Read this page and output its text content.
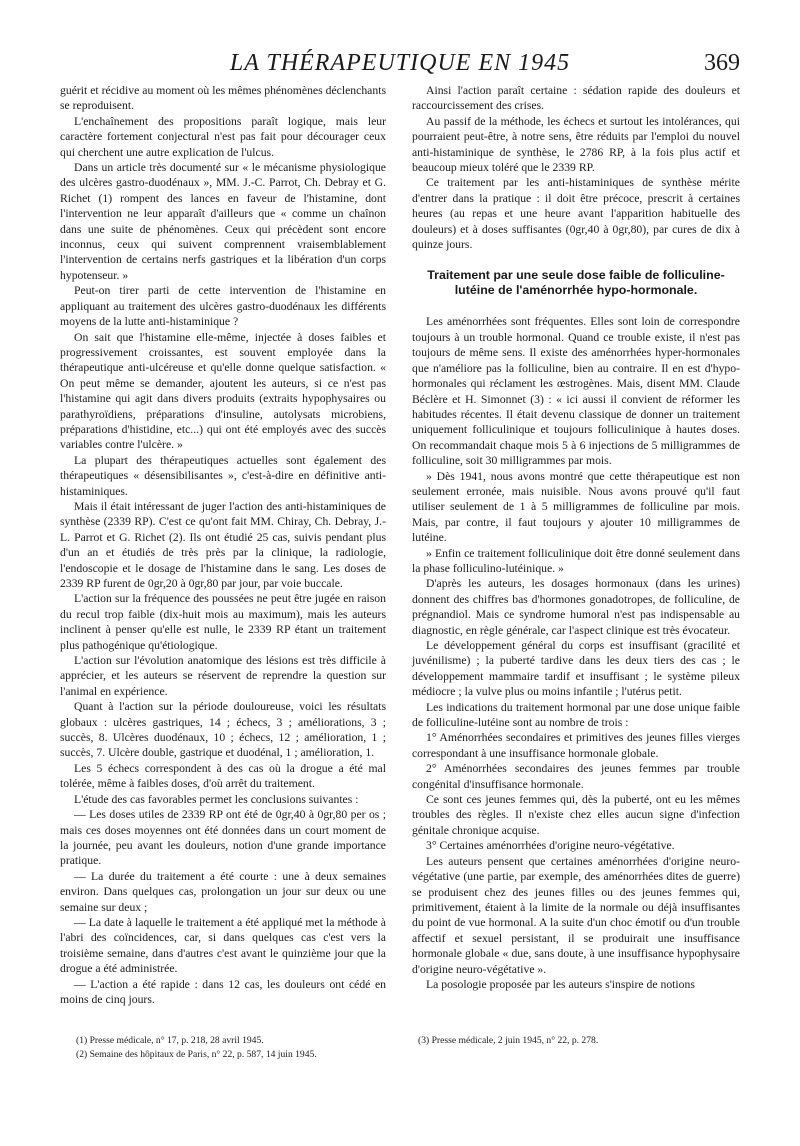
LA THÉRAPEUTIQUE EN 1945	369

guérit et récidive au moment où les mêmes phénomènes déclenchants se reproduisent.

L'enchaînement des propositions paraît logique, mais leur caractère fortement conjectural n'est pas fait pour décourager ceux qui cherchent une autre explication de l'ulcus.

Dans un article très documenté sur « le mécanisme physiologique des ulcères gastro-duodénaux », MM. J.-C. Parrot, Ch. Debray et G. Richet (1) rompent des lances en faveur de l'histamine, dont l'intervention ne leur apparaît d'ailleurs que « comme un chaînon dans une suite de phénomènes. Ceux qui précèdent sont encore inconnus, ceux qui suivent comprennent vraisemblablement l'intervention de certains nerfs gastriques et la libération d'un corps hypotenseur. »

Peut-on tirer parti de cette intervention de l'histamine en appliquant au traitement des ulcères gastro-duodénaux les différents moyens de la lutte anti-histaminique ?

On sait que l'histamine elle-même, injectée à doses faibles et progressivement croissantes, est souvent employée dans la thérapeutique anti-ulcéreuse et qu'elle donne quelque satisfaction. « On peut même se demander, ajoutent les auteurs, si ce n'est pas l'histamine qui agit dans divers produits (extraits hypophysaires ou parathyroïdiens, préparations d'insuline, autolysats microbiens, préparations d'histidine, etc...) qui ont été employés avec des succès variables contre l'ulcère. »

La plupart des thérapeutiques actuelles sont également des thérapeutiques « désensibilisantes », c'est-à-dire en définitive anti-histaminiques.

Mais il était intéressant de juger l'action des anti-histaminiques de synthèse (2339 RP). C'est ce qu'ont fait MM. Chiray, Ch. Debray, J.-L. Parrot et G. Richet (2). Ils ont étudié 25 cas, suivis pendant plus d'un an et étudiés de très près par la clinique, la radiologie, l'endoscopie et le dosage de l'histamine dans le sang. Les doses de 2339 RP furent de 0gr,20 à 0gr,80 par jour, par voie buccale.

L'action sur la fréquence des poussées ne peut être jugée en raison du recul trop faible (dix-huit mois au maximum), mais les auteurs inclinent à penser qu'elle est nulle, le 2339 RP étant un traitement plus pathogénique qu'étiologique.

L'action sur l'évolution anatomique des lésions est très difficile à apprécier, et les auteurs se réservent de reprendre la question sur l'animal en expérience.

Quant à l'action sur la période douloureuse, voici les résultats globaux : ulcères gastriques, 14 ; échecs, 3 ; améliorations, 3 ; succès, 8. Ulcères duodénaux, 10 ; échecs, 12 ; amélioration, 1 ; succès, 7. Ulcère double, gastrique et duodénal, 1 ; amélioration, 1.

Les 5 échecs correspondent à des cas où la drogue a été mal tolérée, même à faibles doses, d'où arrêt du traitement.

L'étude des cas favorables permet les conclusions suivantes :

— Les doses utiles de 2339 RP ont été de 0gr,40 à 0gr,80 per os ; mais ces doses moyennes ont été données dans un court moment de la journée, peu avant les douleurs, notion d'une grande importance pratique.

— La durée du traitement a été courte : une à deux semaines environ. Dans quelques cas, prolongation un jour sur deux ou une semaine sur deux ;

— La date à laquelle le traitement a été appliqué met la méthode à l'abri des coïncidences, car, si dans quelques cas c'est vers la troisième semaine, dans d'autres c'est avant le quinzième jour que la drogue a été administrée.

— L'action a été rapide : dans 12 cas, les douleurs ont cédé en moins de cinq jours.

Ainsi l'action paraît certaine : sédation rapide des douleurs et raccourcissement des crises.

Au passif de la méthode, les échecs et surtout les intolérances, qui pourraient peut-être, à notre sens, être réduits par l'emploi du nouvel anti-histaminique de synthèse, le 2786 RP, à la fois plus actif et beaucoup mieux toléré que le 2339 RP.

Ce traitement par les anti-histaminiques de synthèse mérite d'entrer dans la pratique : il doit être précoce, prescrit à certaines heures (au repas et une heure avant l'apparition habituelle des douleurs) et à doses suffisantes (0gr,40 à 0gr,80), par cures de dix à quinze jours.

Traitement par une seule dose faible de folliculine-lutéine de l'aménorrhée hypo-hormonale.

Les aménorrhées sont fréquentes. Elles sont loin de correspondre toujours à un trouble hormonal. Quand ce trouble existe, il n'est pas toujours de même sens. Il existe des aménorrhées hyper-hormonales que n'améliore pas la folliculine, bien au contraire. Il en est d'hypo-hormonales qui réclament les œstrogènes. Mais, disent MM. Claude Béclère et H. Simonnet (3) : « ici aussi il convient de réformer les habitudes récentes. Il était devenu classique de donner un traitement uniquement folliculinique et toujours folliculinique à hautes doses. On recommandait chaque mois 5 à 6 injections de 5 milligrammes de folliculine, soit 30 milligrammes par mois.

» Dès 1941, nous avons montré que cette thérapeutique est non seulement erronée, mais nuisible. Nous avons prouvé qu'il faut utiliser seulement de 1 à 5 milligrammes de folliculine par mois. Mais, par contre, il faut toujours y ajouter 10 milligrammes de lutéine.

» Enfin ce traitement folliculinique doit être donné seulement dans la phase folliculino-lutéinique. »

D'après les auteurs, les dosages hormonaux (dans les urines) donnent des chiffres bas d'hormones gonadotropes, de folliculine, de prégnandiol. Mais ce syndrome humoral n'est pas indispensable au diagnostic, en règle générale, car l'aspect clinique est très évocateur.

Le développement général du corps est insuffisant (gracilité et juvénilisme) ; la puberté tardive dans les deux tiers des cas ; le développement mammaire tardif et insuffisant ; le système pileux médiocre ; la vulve plus ou moins infantile ; l'utérus petit.

Les indications du traitement hormonal par une dose unique faible de folliculine-lutéine sont au nombre de trois :

1° Aménorrhées secondaires et primitives des jeunes filles vierges correspondant à une insuffisance hormonale globale.

2° Aménorrhées secondaires des jeunes femmes par trouble congénital d'insuffisance hormonale.

Ce sont ces jeunes femmes qui, dès la puberté, ont eu les mêmes troubles des règles. Il n'existe chez elles aucun signe d'infection génitale chronique acquise.

3° Certaines aménorrhées d'origine neuro-végétative.

Les auteurs pensent que certaines aménorrhées d'origine neuro-végétative (une partie, par exemple, des aménorrhées dites de guerre) se produisent chez des jeunes filles ou des jeunes femmes qui, primitivement, étaient à la limite de la normale ou déjà insuffisantes du point de vue hormonal. A la suite d'un choc émotif ou d'un trouble affectif et sexuel persistant, il se produirait une insuffisance hormonale globale « due, sans doute, à une insuffisance hypophysaire d'origine neuro-végétative ».

La posologie proposée par les auteurs s'inspire de notions

(1) Presse médicale, n° 17, p. 218, 28 avril 1945.

(2) Semaine des hôpitaux de Paris, n° 22, p. 587, 14 juin 1945.

(3) Presse médicale, 2 juin 1945, n° 22, p. 278.
